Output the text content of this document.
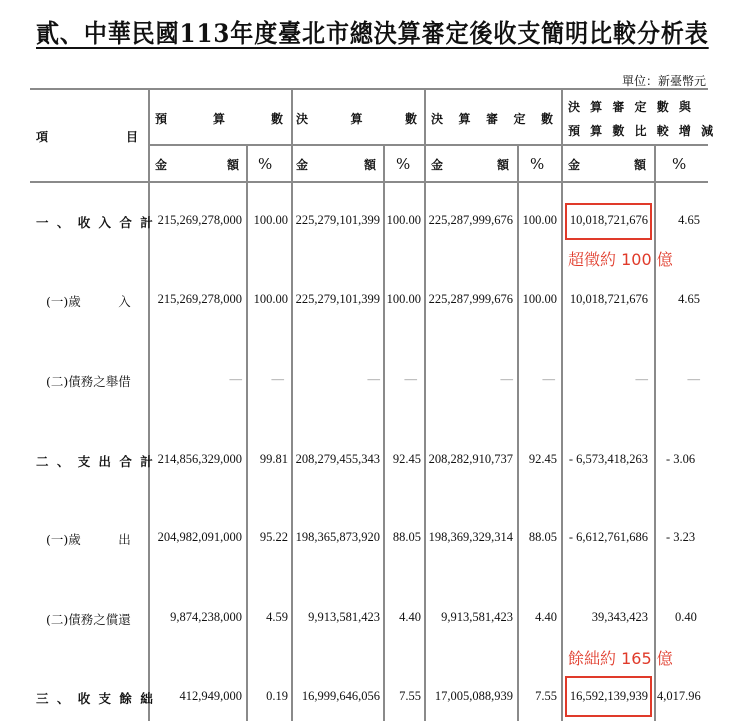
貳、中華民國113年度臺北市總決算審定後收支簡明比較分析表
單位：新臺幣元
項	目
預	算	數 決	算	數 決 算 審 定 數
決 算 審 定 數 與
預 算 數 比 較 增 減
金	額 % 金	額 % 金	額 % 金	額 %
一 、 收 入 合 計 215,269,278,000 100.00 225,279,101,399 100.00 225,287,999,676 100.00	10,018,721,676	4.65
(一)歲　　　入	215,269,278,000 100.00 225,279,101,399 100.00 225,287,999,676 100.00	10,018,721,676	4.65
(二)債務之舉借	—	—	—	—	—	—	—	—
二 、 支 出 合 計 214,856,329,000	99.81 208,279,455,343	92.45 208,282,910,737	92.45 - 6,573,418,263 - 3.06
(一)歲　　　出	204,982,091,000	95.22 198,365,873,920	88.05 198,369,329,314	88.05 - 6,612,761,686 - 3.23
(二)債務之償還	9,874,238,000	4.59	9,913,581,423	4.40	9,913,581,423	4.40	39,343,423 0.40
三 、 收 支 餘 絀	412,949,000	0.19	16,999,646,056	7.55	17,005,088,939	7.55	16,592,139,939 4,017.96
超徵約 100 億
餘絀約 165 億
